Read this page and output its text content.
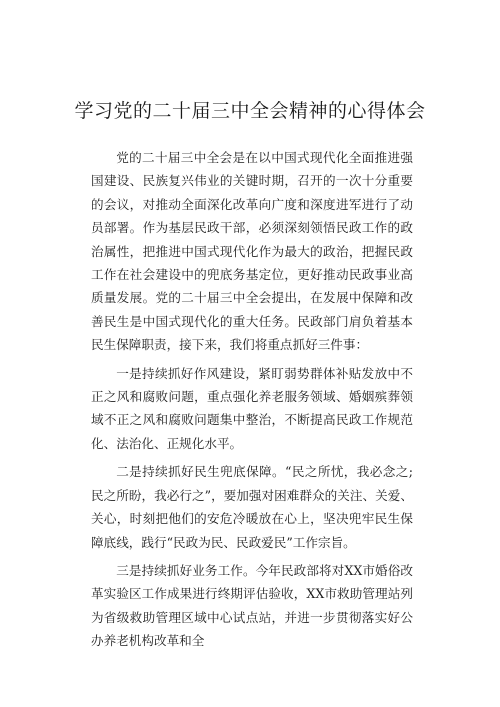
学习党的二十届三中全会精神的心得体会

党的二十届三中全会是在以中国式现代化全面推进强国建设、民族复兴伟业的关键时期，召开的一次十分重要的会议，对推动全面深化改革向广度和深度进军进行了动员部署。作为基层民政干部，必须深刻领悟民政工作的政治属性，把推进中国式现代化作为最大的政治，把握民政工作在社会建设中的兜底务基定位，更好推动民政事业高质量发展。党的二十届三中全会提出，在发展中保障和改善民生是中国式现代化的重大任务。民政部门肩负着基本民生保障职责，接下来，我们将重点抓好三件事：

一是持续抓好作风建设，紧盯弱势群体补贴发放中不正之风和腐败问题，重点强化养老服务领域、婚姻殡葬领域不正之风和腐败问题集中整治，不断提高民政工作规范化、法治化、正规化水平。

二是持续抓好民生兜底保障。“民之所忧，我必念之;民之所盼，我必行之”，要加强对困难群众的关注、关爱、关心，时刻把他们的安危冷暖放在心上，坚决兜牢民生保障底线，践行“民政为民、民政爱民”工作宗旨。

三是持续抓好业务工作。今年民政部将对XX市婚俗改革实验区工作成果进行终期评估验收，XX市救助管理站列为省级救助管理区域中心试点站，并进一步贯彻落实好公办养老机构改革和全
